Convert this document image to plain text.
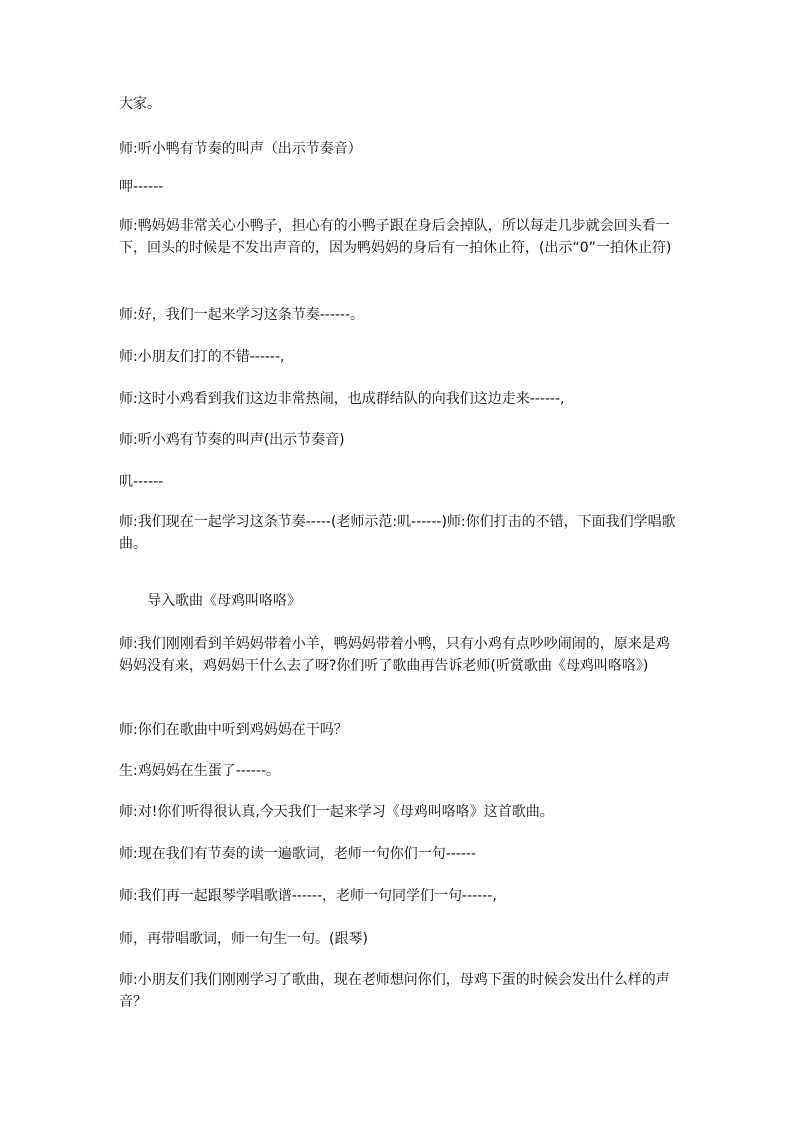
大家。
师:听小鸭有节奏的叫声（出示节奏音）
呷------
师:鸭妈妈非常关心小鸭子，担心有的小鸭子跟在身后会掉队，所以每走几步就会回头看一下，回头的时候是不发出声音的，因为鸭妈妈的身后有一拍休止符，(出示“0”一拍休止符)
师:好，我们一起来学习这条节奏------。
师:小朋友们打的不错------,
师:这时小鸡看到我们这边非常热闹，也成群结队的向我们这边走来------,
师:听小鸡有节奏的叫声(出示节奏音)
叽------
师:我们现在一起学习这条节奏-----(老师示范:叽------)师:你们打击的不错，下面我们学唱歌曲。
导入歌曲《母鸡叫咯咯》
师:我们刚刚看到羊妈妈带着小羊，鸭妈妈带着小鸭，只有小鸡有点吵吵闹闹的，原来是鸡妈妈没有来，鸡妈妈干什么去了呀?你们听了歌曲再告诉老师(听赏歌曲《母鸡叫咯咯》)
师:你们在歌曲中听到鸡妈妈在干吗？
生:鸡妈妈在生蛋了------。
师:对!你们听得很认真,今天我们一起来学习《母鸡叫咯咯》这首歌曲。
师:现在我们有节奏的读一遍歌词，老师一句你们一句------
师:我们再一起跟琴学唱歌谱------，老师一句同学们一句------,
师，再带唱歌词，师一句生一句。(跟琴)
师:小朋友们我们刚刚学习了歌曲，现在老师想问你们，母鸡下蛋的时候会发出什么样的声音？
